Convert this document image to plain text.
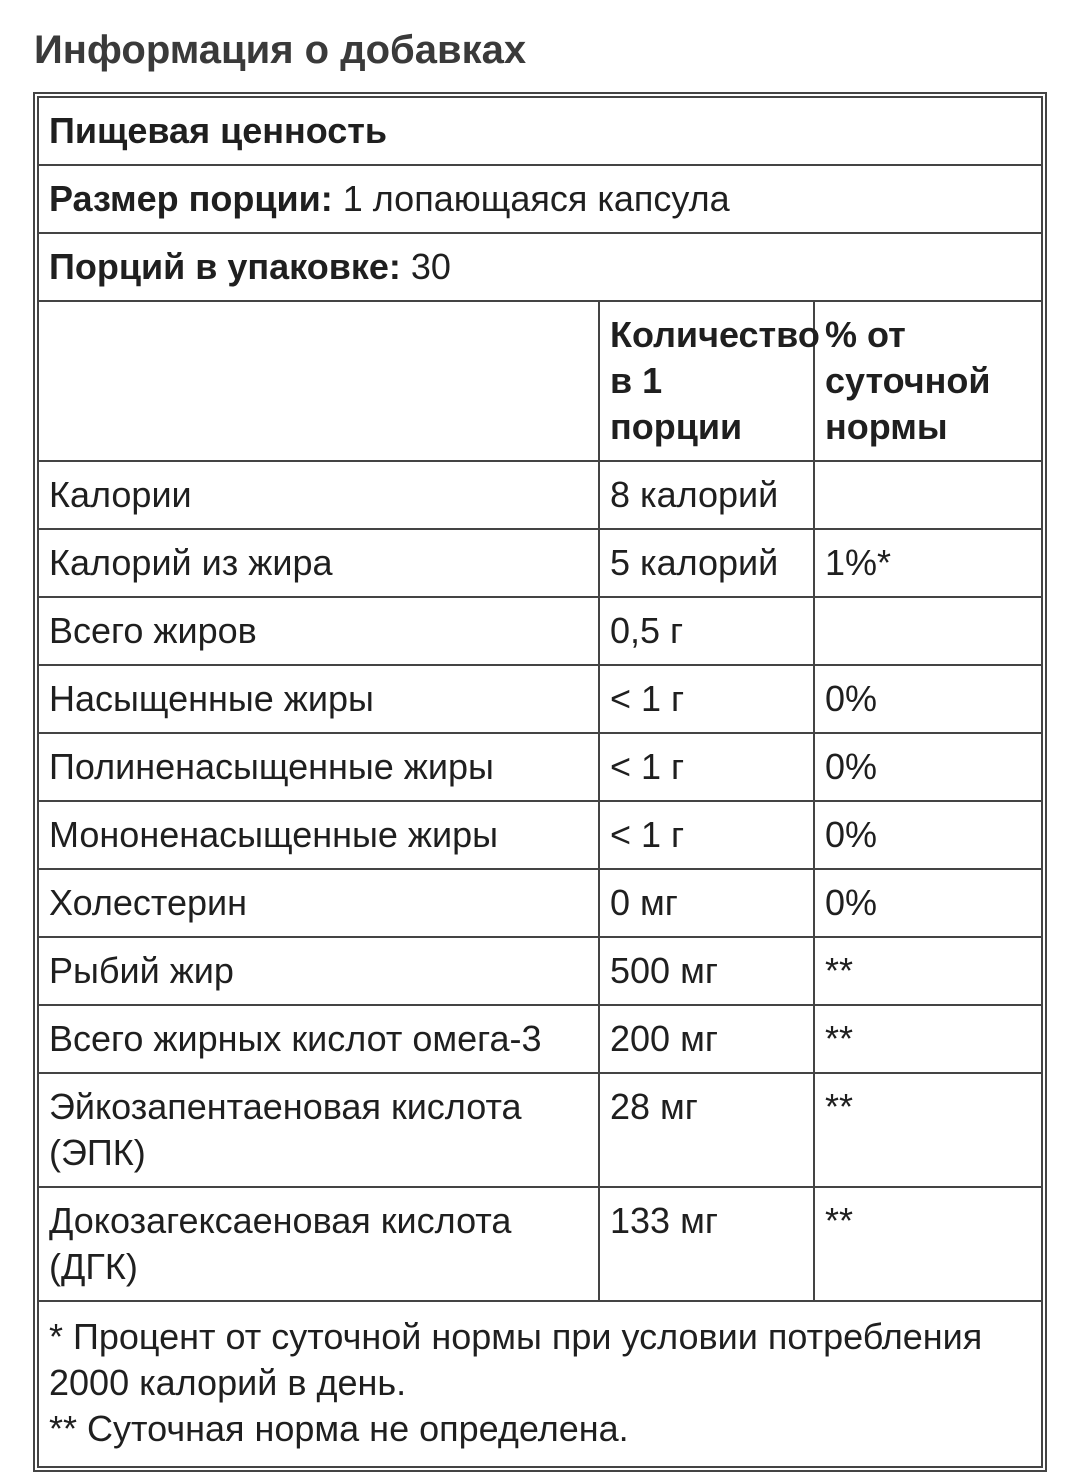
Информация о добавках
Пищевая ценность		
Размер порции: 1 лопающаяся капсула		
Порций в упаковке: 30		
	Количество в 1 порции	% от суточной нормы
Калории	8 калорий	
Калорий из жира	5 калорий	1%*
Всего жиров	0,5 г	
Насыщенные жиры	< 1 г	0%
Полиненасыщенные жиры	< 1 г	0%
Мононенасыщенные жиры	< 1 г	0%
Холестерин	0 мг	0%
Рыбий жир	500 мг	**
Всего жирных кислот омега-3	200 мг	**
Эйкозапентаеновая кислота (ЭПК)	28 мг	**
Докозагексаеновая кислота (ДГК)	133 мг	**

* Процент от суточной нормы при условии потребления 2000 калорий в день.
** Суточная норма не определена.		
